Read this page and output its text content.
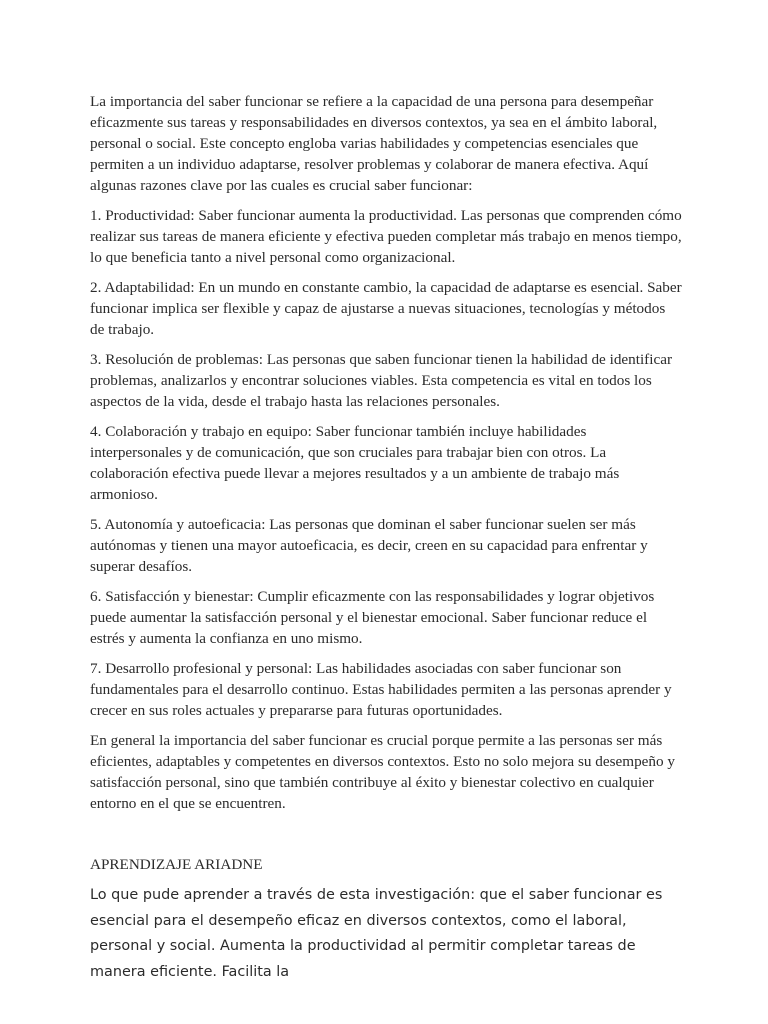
La importancia del saber funcionar se refiere a la capacidad de una persona para desempeñar eficazmente sus tareas y responsabilidades en diversos contextos, ya sea en el ámbito laboral, personal o social. Este concepto engloba varias habilidades y competencias esenciales que permiten a un individuo adaptarse, resolver problemas y colaborar de manera efectiva. Aquí algunas razones clave por las cuales es crucial saber funcionar:

1. Productividad: Saber funcionar aumenta la productividad. Las personas que comprenden cómo realizar sus tareas de manera eficiente y efectiva pueden completar más trabajo en menos tiempo, lo que beneficia tanto a nivel personal como organizacional.

2. Adaptabilidad: En un mundo en constante cambio, la capacidad de adaptarse es esencial. Saber funcionar implica ser flexible y capaz de ajustarse a nuevas situaciones, tecnologías y métodos de trabajo.

3. Resolución de problemas: Las personas que saben funcionar tienen la habilidad de identificar problemas, analizarlos y encontrar soluciones viables. Esta competencia es vital en todos los aspectos de la vida, desde el trabajo hasta las relaciones personales.

4. Colaboración y trabajo en equipo: Saber funcionar también incluye habilidades interpersonales y de comunicación, que son cruciales para trabajar bien con otros. La colaboración efectiva puede llevar a mejores resultados y a un ambiente de trabajo más armonioso.

5. Autonomía y autoeficacia: Las personas que dominan el saber funcionar suelen ser más autónomas y tienen una mayor autoeficacia, es decir, creen en su capacidad para enfrentar y superar desafíos.

6. Satisfacción y bienestar: Cumplir eficazmente con las responsabilidades y lograr objetivos puede aumentar la satisfacción personal y el bienestar emocional. Saber funcionar reduce el estrés y aumenta la confianza en uno mismo.

7. Desarrollo profesional y personal: Las habilidades asociadas con saber funcionar son fundamentales para el desarrollo continuo. Estas habilidades permiten a las personas aprender y crecer en sus roles actuales y prepararse para futuras oportunidades.

En general la importancia del saber funcionar es crucial porque permite a las personas ser más eficientes, adaptables y competentes en diversos contextos. Esto no solo mejora su desempeño y satisfacción personal, sino que también contribuye al éxito y bienestar colectivo en cualquier entorno en el que se encuentren.

APRENDIZAJE ARIADNE

Lo que pude aprender a través de esta investigación: que el saber funcionar es esencial para el desempeño eficaz en diversos contextos, como el laboral, personal y social. Aumenta la productividad al permitir completar tareas de manera eficiente. Facilita la
